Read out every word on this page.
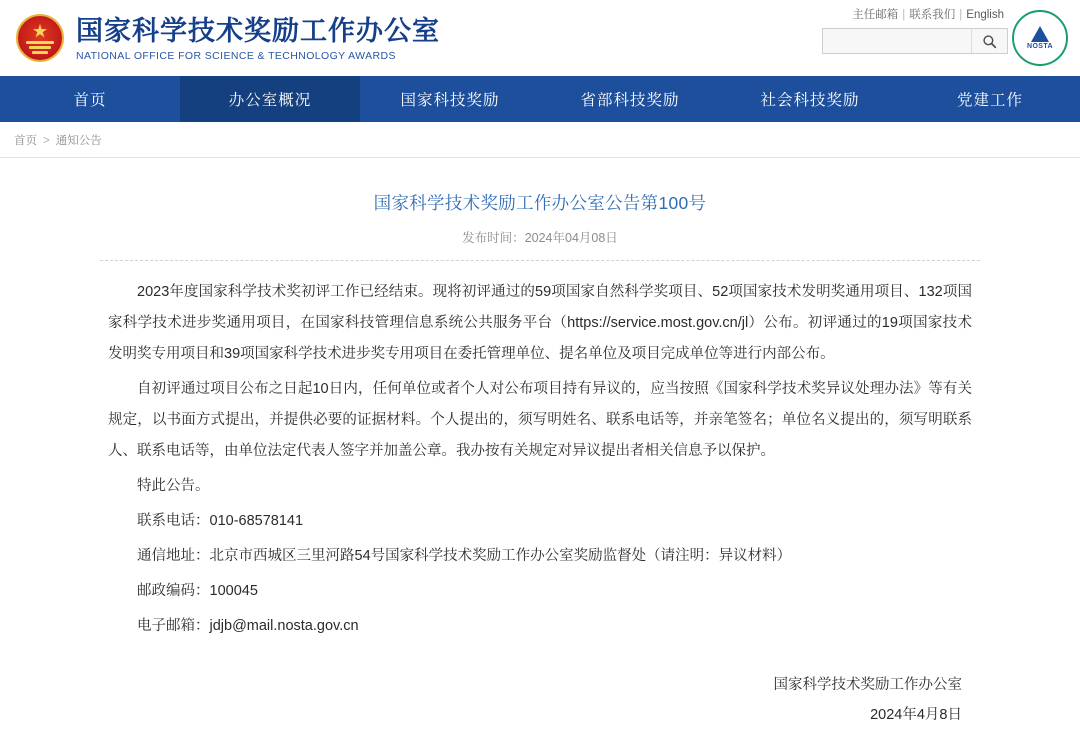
★ 国家科学技术奖励工作办公室
NATIONAL OFFICE FOR SCIENCE & TECHNOLOGY AWARDS
主任邮箱 | 联系我们 | English
NOSTA
首页	办公室概况	国家科技奖励	省部科技奖励	社会科技奖励	党建工作
首页 > 通知公告
国家科学技术奖励工作办公室公告第100号
发布时间：2024年04月08日

2023年度国家科学技术奖初评工作已经结束。现将初评通过的59项国家自然科学奖项目、52项国家技术发明奖通用项目、132项国家科学技术进步奖通用项目，在国家科技管理信息系统公共服务平台（https://service.most.gov.cn/jl）公布。初评通过的19项国家技术发明奖专用项目和39项国家科学技术进步奖专用项目在委托管理单位、提名单位及项目完成单位等进行内部公布。

自初评通过项目公布之日起10日内，任何单位或者个人对公布项目持有异议的，应当按照《国家科学技术奖异议处理办法》等有关规定，以书面方式提出，并提供必要的证据材料。个人提出的，须写明姓名、联系电话等，并亲笔签名；单位名义提出的，须写明联系人、联系电话等，由单位法定代表人签字并加盖公章。我办按有关规定对异议提出者相关信息予以保护。

特此公告。

联系电话：010-68578141

通信地址：北京市西城区三里河路54号国家科学技术奖励工作办公室奖励监督处（请注明：异议材料）

邮政编码：100045

电子邮箱：jdjb@mail.nosta.gov.cn

国家科学技术奖励工作办公室
2024年4月8日
